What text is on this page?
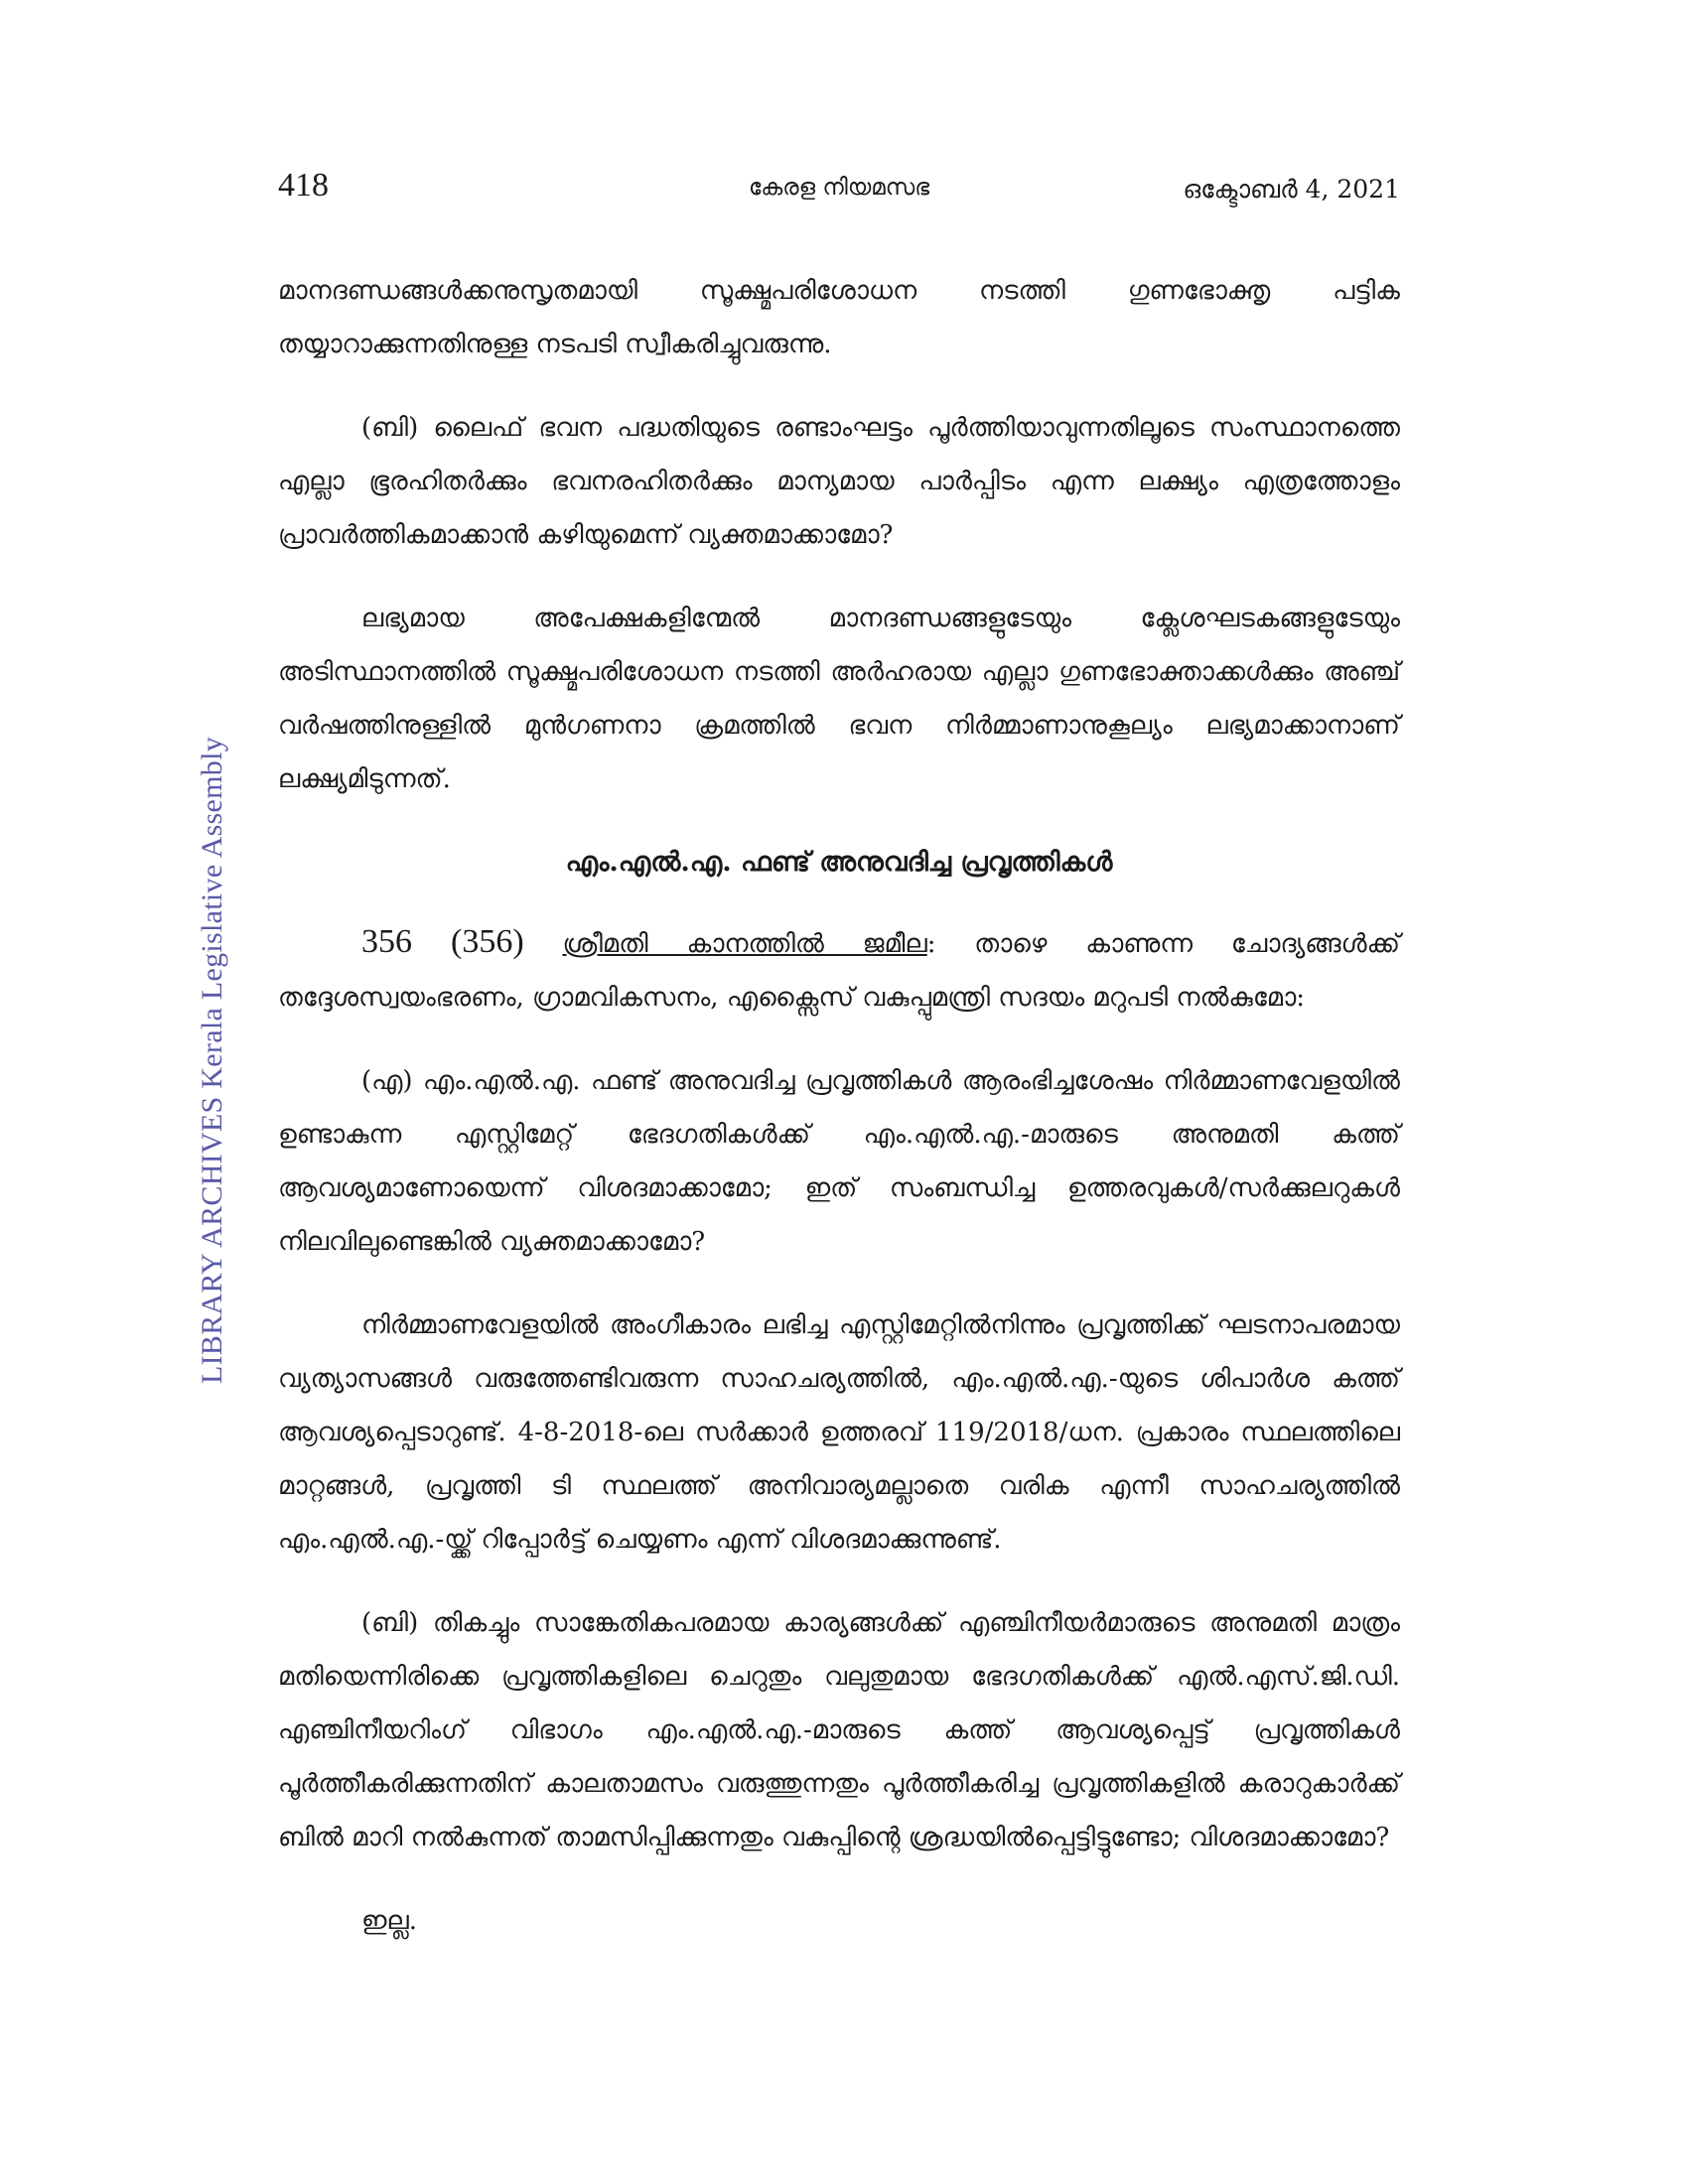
418	കേരള നിയമസഭ	ഒക്ടോബർ 4, 2021
LIBRARY ARCHIVES Kerala Legislative Assembly

മാനദണ്ഡങ്ങൾക്കനുസൃതമായി സൂക്ഷ്മപരിശോധന നടത്തി ഗുണഭോക്തൃ പട്ടിക തയ്യാറാക്കുന്നതിനുള്ള നടപടി സ്വീകരിച്ചുവരുന്നു.

(ബി) ലൈഫ് ഭവന പദ്ധതിയുടെ രണ്ടാംഘട്ടം പൂർത്തിയാവുന്നതിലൂടെ സംസ്ഥാനത്തെ എല്ലാ ഭൂരഹിതർക്കും ഭവനരഹിതർക്കും മാന്യമായ പാർപ്പിടം എന്ന ലക്ഷ്യം എത്രത്തോളം പ്രാവർത്തികമാക്കാൻ കഴിയുമെന്ന് വ്യക്തമാക്കാമോ?

ലഭ്യമായ അപേക്ഷകളിന്മേൽ മാനദണ്ഡങ്ങളുടേയും ക്ലേശഘടകങ്ങളുടേയും അടിസ്ഥാനത്തിൽ സൂക്ഷ്മപരിശോധന നടത്തി അർഹരായ എല്ലാ ഗുണഭോക്താക്കൾക്കും അഞ്ച് വർഷത്തിനുള്ളിൽ മുൻഗണനാ ക്രമത്തിൽ ഭവന നിർമ്മാണാനുകൂല്യം ലഭ്യമാക്കാനാണ് ലക്ഷ്യമിടുന്നത്.

എം.എൽ.എ. ഫണ്ട് അനുവദിച്ച പ്രവൃത്തികൾ

356 (356) ശ്രീമതി കാനത്തിൽ ജമീല: താഴെ കാണുന്ന ചോദ്യങ്ങൾക്ക് തദ്ദേശസ്വയംഭരണം, ഗ്രാമവികസനം, എക്സൈസ് വകുപ്പുമന്ത്രി സദയം മറുപടി നൽകുമോ:

(എ) എം.എൽ.എ. ഫണ്ട് അനുവദിച്ച പ്രവൃത്തികൾ ആരംഭിച്ചശേഷം നിർമ്മാണവേളയിൽ ഉണ്ടാകുന്ന എസ്റ്റിമേറ്റ് ഭേദഗതികൾക്ക് എം.എൽ.എ.-മാരുടെ അനുമതി കത്ത് ആവശ്യമാണോയെന്ന് വിശദമാക്കാമോ; ഇത് സംബന്ധിച്ച ഉത്തരവുകൾ/സർക്കുലറുകൾ നിലവിലുണ്ടെങ്കിൽ വ്യക്തമാക്കാമോ?

നിർമ്മാണവേളയിൽ അംഗീകാരം ലഭിച്ച എസ്റ്റിമേറ്റിൽനിന്നും പ്രവൃത്തിക്ക് ഘടനാപരമായ വ്യത്യാസങ്ങൾ വരുത്തേണ്ടിവരുന്ന സാഹചര്യത്തിൽ, എം.എൽ.എ.-യുടെ ശിപാർശ കത്ത് ആവശ്യപ്പെടാറുണ്ട്. 4-8-2018-ലെ സർക്കാർ ഉത്തരവ് 119/2018/ധന. പ്രകാരം സ്ഥലത്തിലെ മാറ്റങ്ങൾ, പ്രവൃത്തി ടി സ്ഥലത്ത് അനിവാര്യമല്ലാതെ വരിക എന്നീ സാഹചര്യത്തിൽ എം.എൽ.എ.-യ്ക്ക് റിപ്പോർട്ട് ചെയ്യണം എന്ന് വിശദമാക്കുന്നുണ്ട്.

(ബി) തികച്ചും സാങ്കേതികപരമായ കാര്യങ്ങൾക്ക് എഞ്ചിനീയർമാരുടെ അനുമതി മാത്രം മതിയെന്നിരിക്കെ പ്രവൃത്തികളിലെ ചെറുതും വലുതുമായ ഭേദഗതികൾക്ക് എൽ.എസ്.ജി.ഡി. എഞ്ചിനീയറിംഗ് വിഭാഗം എം.എൽ.എ.-മാരുടെ കത്ത് ആവശ്യപ്പെട്ട് പ്രവൃത്തികൾ പൂർത്തീകരിക്കുന്നതിന് കാലതാമസം വരുത്തുന്നതും പൂർത്തീകരിച്ച പ്രവൃത്തികളിൽ കരാറുകാർക്ക് ബിൽ മാറി നൽകുന്നത് താമസിപ്പിക്കുന്നതും വകുപ്പിന്റെ ശ്രദ്ധയിൽപ്പെട്ടിട്ടുണ്ടോ; വിശദമാക്കാമോ?

ഇല്ല.
